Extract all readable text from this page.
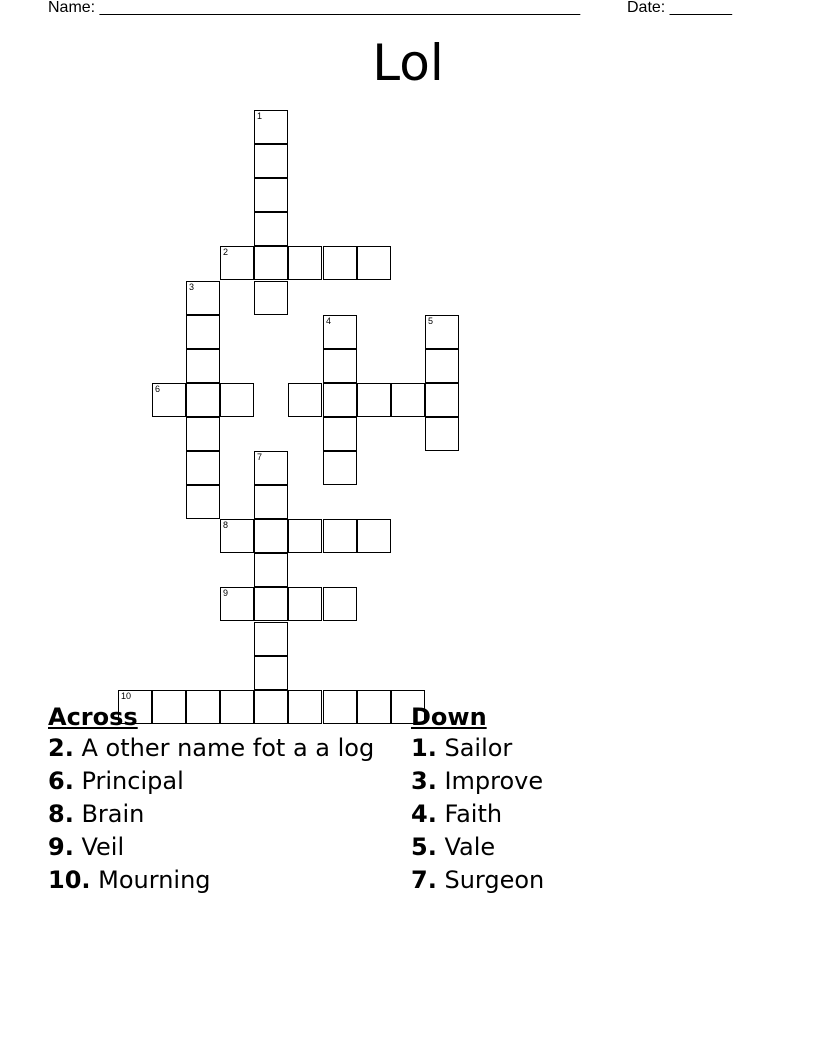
Name: ______________________________________________________	Date: _______
Lol
1
2
3
6
4	5
7
8
9
10
Across
2. A other name fot a a log
6. Principal
8. Brain
9. Veil
10. Mourning
Down
1. Sailor
3. Improve
4. Faith
5. Vale
7. Surgeon
